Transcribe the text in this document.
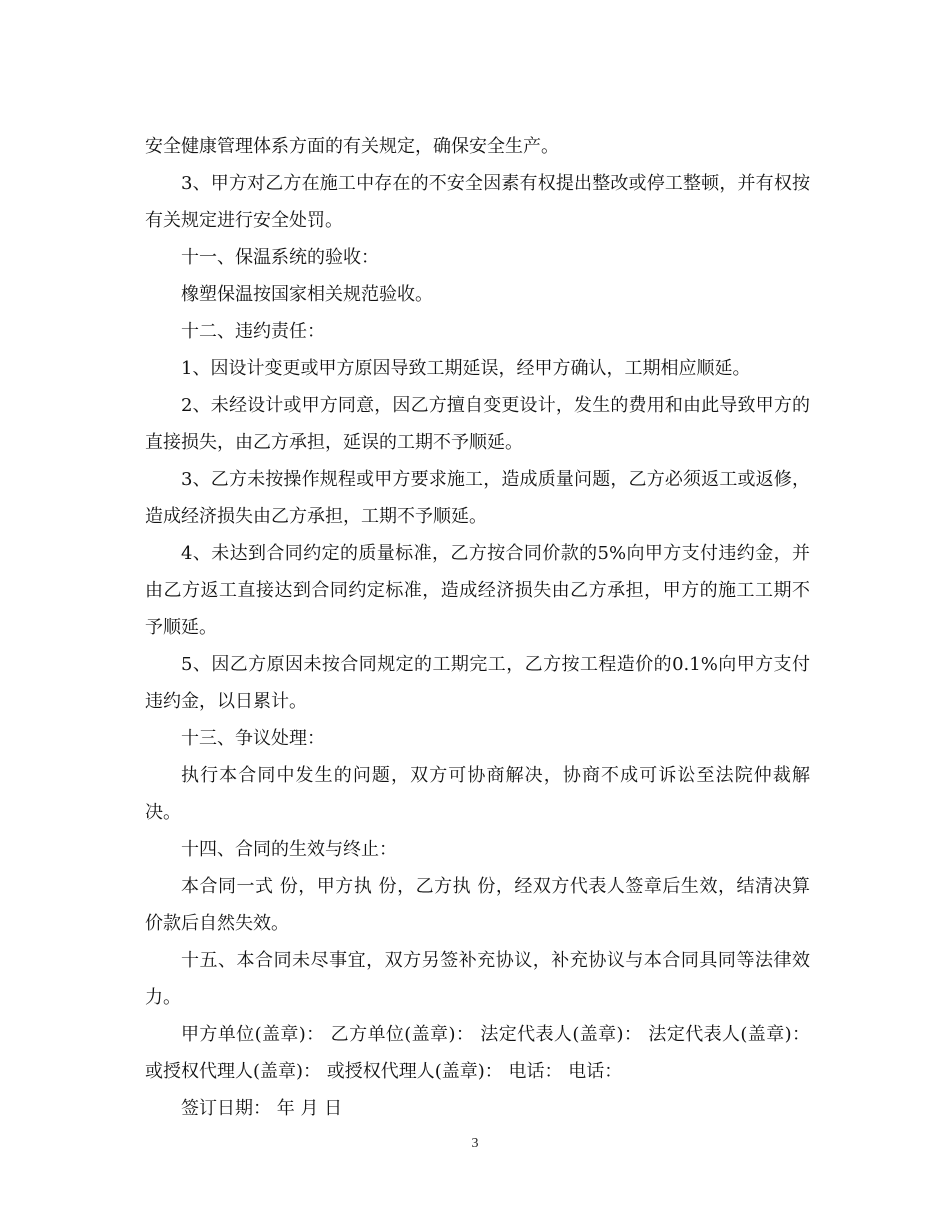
安全健康管理体系方面的有关规定，确保安全生产。

3、甲方对乙方在施工中存在的不安全因素有权提出整改或停工整顿，并有权按有关规定进行安全处罚。

十一、保温系统的验收：

橡塑保温按国家相关规范验收。

十二、违约责任：

1、因设计变更或甲方原因导致工期延误，经甲方确认，工期相应顺延。

2、未经设计或甲方同意，因乙方擅自变更设计，发生的费用和由此导致甲方的直接损失，由乙方承担，延误的工期不予顺延。

3、乙方未按操作规程或甲方要求施工，造成质量问题，乙方必须返工或返修，造成经济损失由乙方承担，工期不予顺延。

4、未达到合同约定的质量标准，乙方按合同价款的5%向甲方支付违约金，并由乙方返工直接达到合同约定标准，造成经济损失由乙方承担，甲方的施工工期不予顺延。

5、因乙方原因未按合同规定的工期完工，乙方按工程造价的0.1%向甲方支付违约金，以日累计。

十三、争议处理：

执行本合同中发生的问题，双方可协商解决，协商不成可诉讼至法院仲裁解决。

十四、合同的生效与终止：

本合同一式 份，甲方执 份，乙方执 份，经双方代表人签章后生效，结清决算价款后自然失效。

十五、本合同未尽事宜，双方另签补充协议，补充协议与本合同具同等法律效力。

甲方单位(盖章)： 乙方单位(盖章)： 法定代表人(盖章)： 法定代表人(盖章)： 或授权代理人(盖章)： 或授权代理人(盖章)： 电话： 电话：

签订日期： 年 月 日

3
